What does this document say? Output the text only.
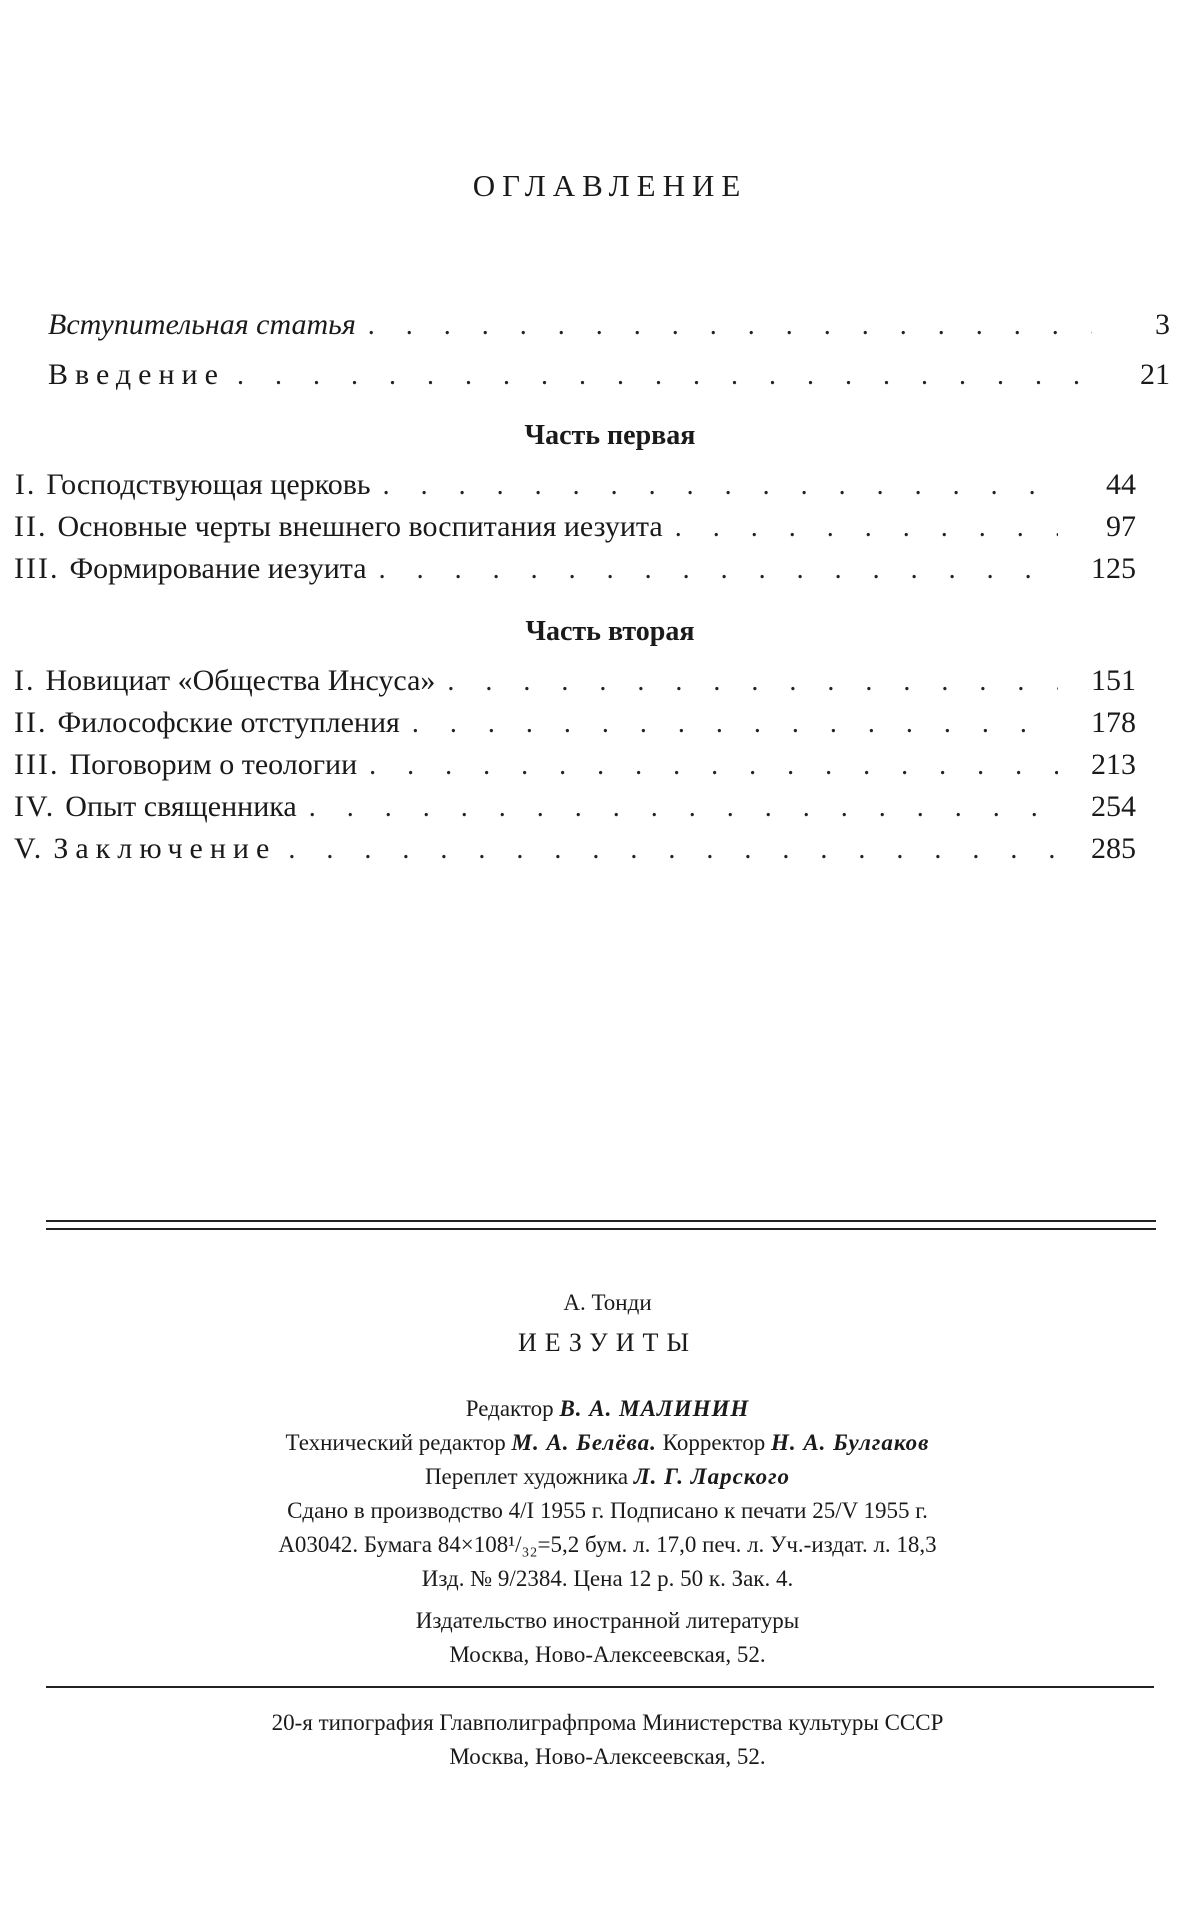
ОГЛАВЛЕНИЕ
Вступительная статья . . .	3
Введение . . .	21
Часть первая
I. Господствующая церковь . . .	44
II. Основные черты внешнего воспитания иезуита . . .	97
III. Формирование иезуита . . .	125
Часть вторая
I. Новициат «Общества Инсуса» . . .	151
II. Философские отступления . . .	178
III. Поговорим о теологии . . .	213
IV. Опыт священника . . .	254
V. Заключение . . .	285
А. Тонди
ИЕЗУИТЫ
Редактор В. А. МАЛИНИН
Технический редактор М. А. Белёва. Корректор Н. А. Булгаков
Переплет художника Л. Г. Ларского
Сдано в производство 4/I 1955 г. Подписано к печати 25/V 1955 г.
А03042. Бумага 84×108¹/₃₂=5,2 бум. л. 17,0 печ. л. Уч.-издат. л. 18,3
Изд. № 9/2384. Цена 12 р. 50 к. Зак. 4.
Издательство иностранной литературы
Москва, Ново-Алексеевская, 52.
20-я типография Главполиграфпрома Министерства культуры СССР
Москва, Ново-Алексеевская, 52.
